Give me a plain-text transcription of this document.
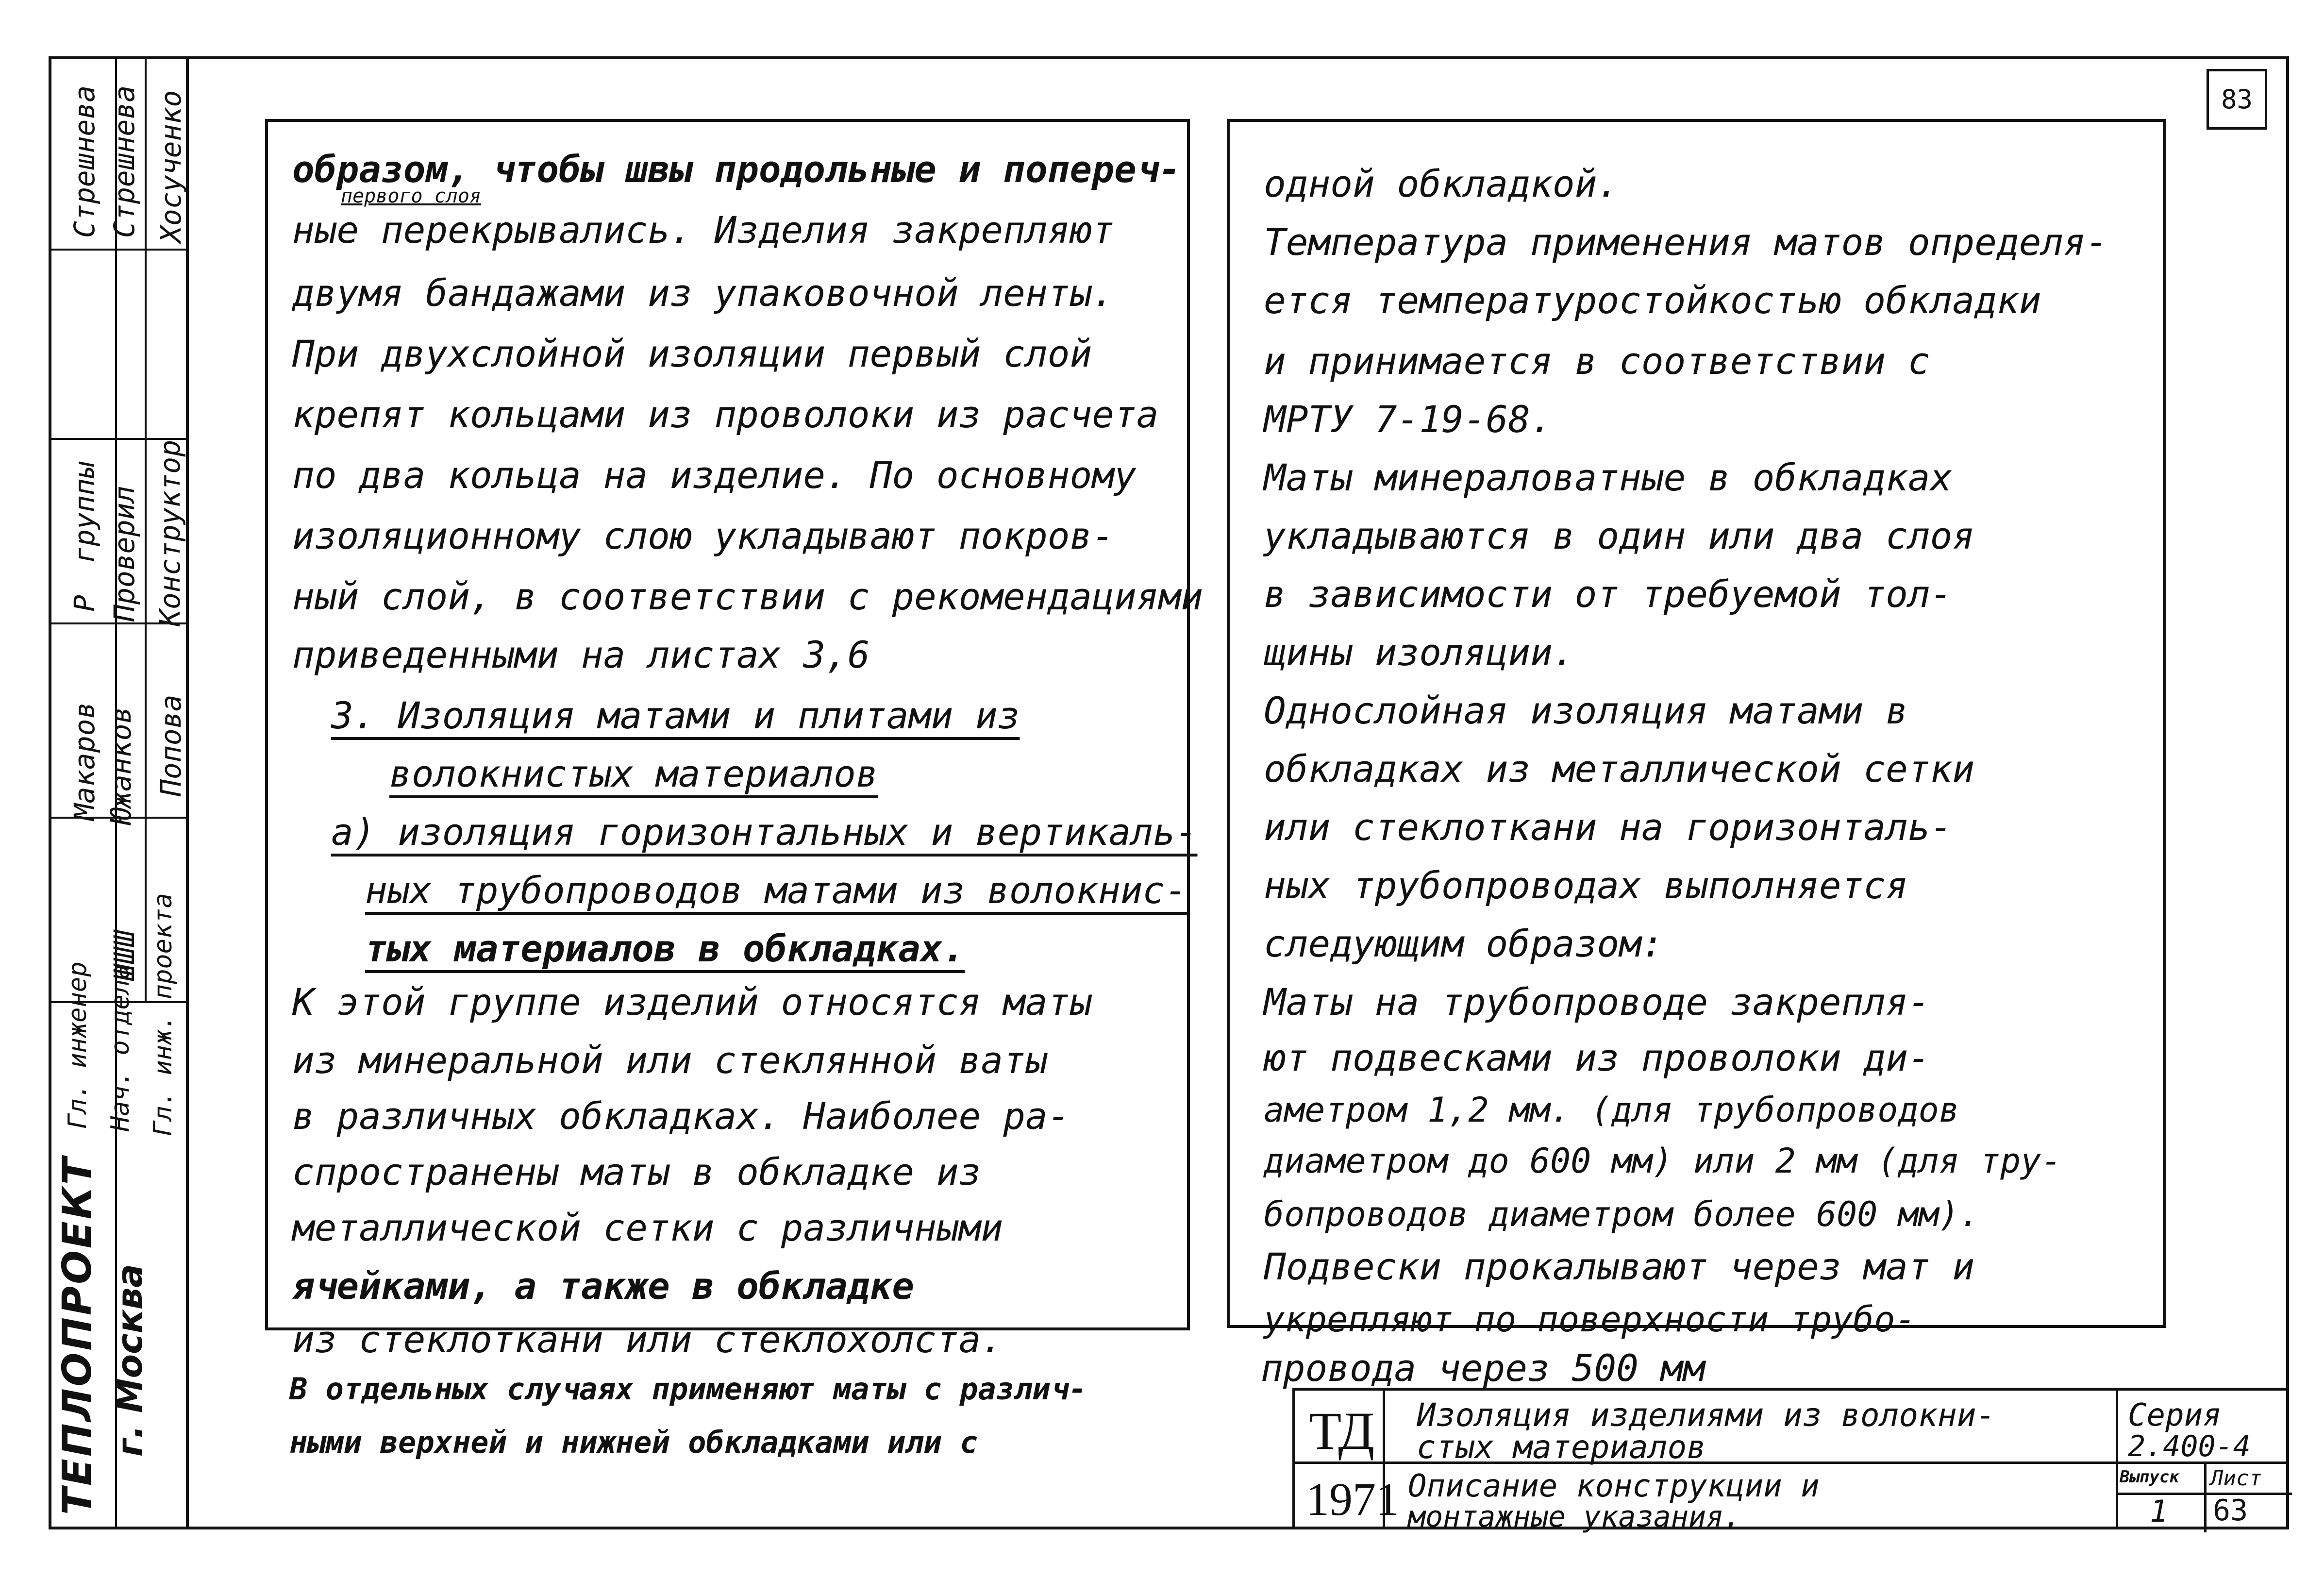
83
ТЕПЛОПРОЕКТ г. Москва
Гл. инженер Нач. отдела Гл. инж. проекта
Макаров Южанков Попова
ШШШ
Р
группы Проверил Конструктор
Стрешнева Стрешнева Хосученко	первого слоя
образом, чтобы швы продольные и попереч-
ные перекрывались. Изделия закрепляют
двумя бандажами из упаковочной ленты.
При двухслойной изоляции первый слой
крепят кольцами из проволоки из расчета
по два кольца на изделие. По основному
изоляционному слою укладывают покров-
ный слой, в соответствии с рекомендациями
приведенными на листах 3,6
3. Изоляция матами и плитами из
волокнистых материалов
а) изоляция горизонтальных и вертикаль-
ных трубопроводов матами из волокнис-
тых материалов в обкладках.
К этой группе изделий относятся маты
из минеральной или стеклянной ваты
в различных обкладках. Наиболее ра-
спространены маты в обкладке из
металлической сетки с различными
ячейками, а также в обкладке
из стеклоткани или стеклохолста.
В отдельных случаях применяют маты с различ-
ными верхней и нижней обкладками или с
одной обкладкой.
Температура применения матов определя-
ется температуростойкостью обкладки
и принимается в соответствии с
МРТУ 7-19-68.
Маты минераловатные в обкладках
укладываются в один или два слоя
в зависимости от требуемой тол-
щины изоляции.
Однослойная изоляция матами в
обкладках из металлической сетки
или стеклоткани на горизонталь-
ных трубопроводах выполняется
следующим образом:
Маты на трубопроводе закрепля-
ют подвесками из проволоки ди-
аметром 1,2 мм. (для трубопроводов
диаметром до 600 мм) или 2 мм (для тру-
бопроводов диаметром более 600 мм).
Подвески прокалывают через мат и
укрепляют по поверхности трубо-
провода через 500 мм
ТД
1971
Изоляция изделиями из волокни-
стых материалов
Описание конструкции и
монтажные указания.
Серия
2.400-4
Выпуск
1
Лист
63
